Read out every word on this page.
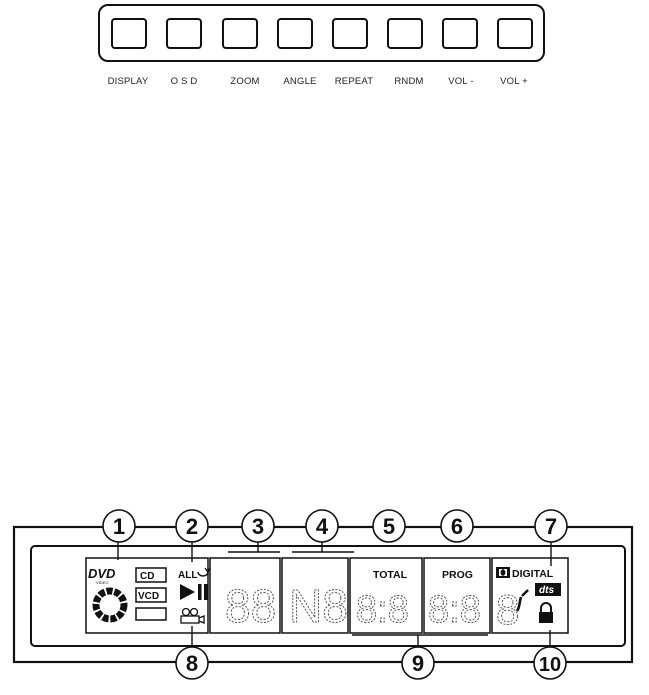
DISPLAY O S D	ZOOM ANGLE REPEAT RNDM	VOL -	VOL +
DVD
VIDEO
CD
VCD
ALL
88 N8
TOTAL
8:8
PROG
8:8
DIGITAL
dts
8
1	2 3 4 5	6	7
8	9	10
